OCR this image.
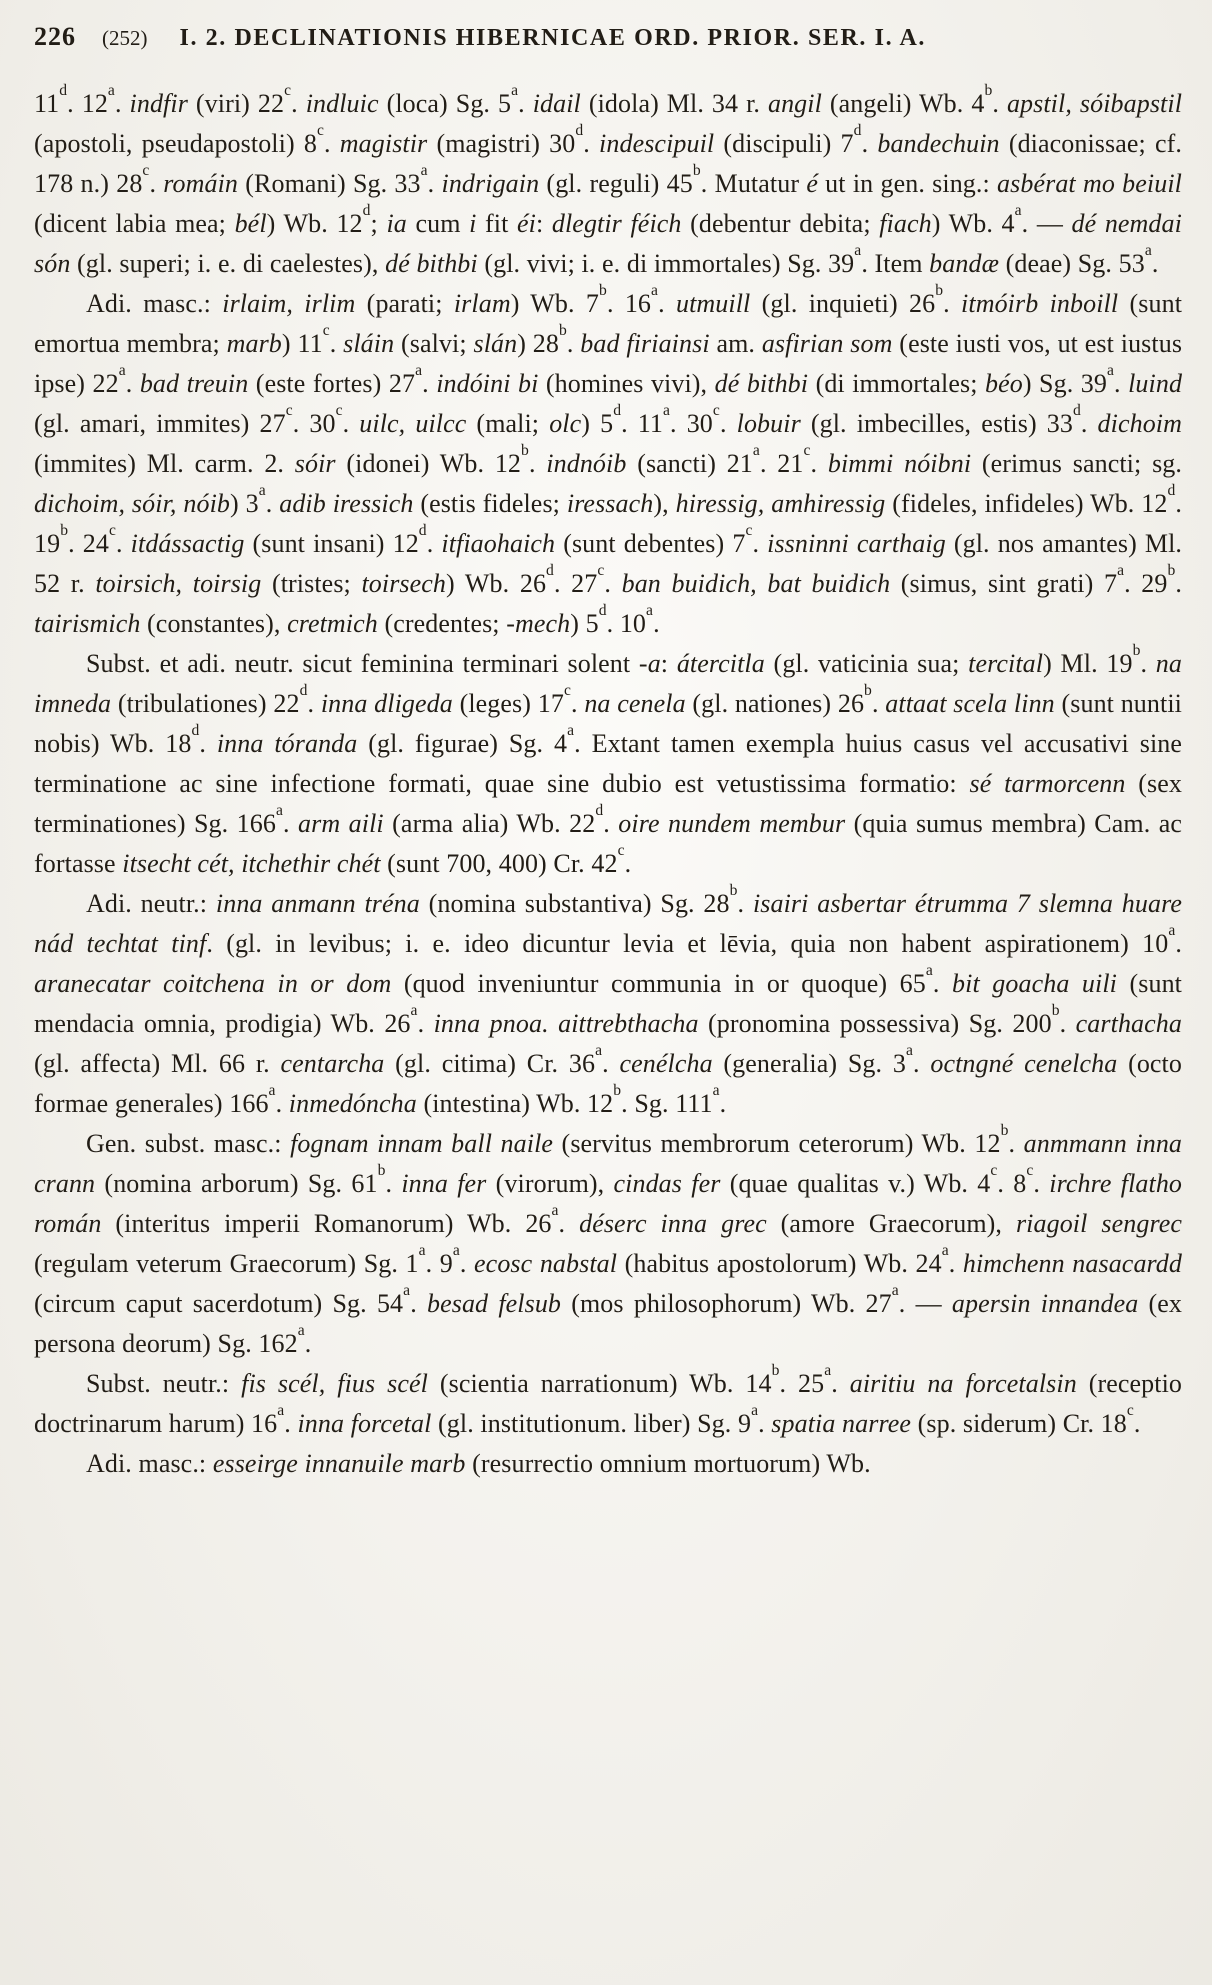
226 (252) I. 2. DECLINATIONIS HIBERNICAE ORD. PRIOR. SER. I. A.

11$^d$. 12$^a$. indfir (viri) 22$^c$. indluic (loca) Sg. 5$^a$. idail (idola) Ml. 34 r. angil (angeli) Wb. 4$^b$. apstil, sóibapstil (apostoli, pseudapostoli) 8$^c$. magistir (magistri) 30$^d$. indescipuil (discipuli) 7$^d$. bandechuin (diaconissae; cf. 178 n.) 28$^c$. romáin (Romani) Sg. 33$^a$. indrigain (gl. reguli) 45$^b$. Mutatur é ut in gen. sing.: asbérat mo beiuil (dicent labia mea; bél) Wb. 12$^d$; ia cum i fit éi: dlegtir féich (debentur debita; fiach) Wb. 4$^a$. — dé nemdai són (gl. superi; i. e. di caelestes), dé bithbi (gl. vivi; i. e. di immortales) Sg. 39$^a$. Item bandæ (deae) Sg. 53$^a$.

Adi. masc.: irlaim, irlim (parati; irlam) Wb. 7$^b$. 16$^a$. utmuill (gl. inquieti) 26$^b$. itmóirb inboill (sunt emortua membra; marb) 11$^c$. sláin (salvi; slán) 28$^b$. bad firiainsi am. asfirian som (este iusti vos, ut est iustus ipse) 22$^a$. bad treuin (este fortes) 27$^a$. indóini bi (homines vivi), dé bithbi (di immortales; béo) Sg. 39$^a$. luind (gl. amari, immites) 27$^c$. 30$^c$. uilc, uilcc (mali; olc) 5$^d$. 11$^a$. 30$^c$. lobuir (gl. imbecilles, estis) 33$^d$. dichoim (immites) Ml. carm. 2. sóir (idonei) Wb. 12$^b$. indnóib (sancti) 21$^a$. 21$^c$. bimmi nóibni (erimus sancti; sg. dichoim, sóir, nóib) 3$^a$. adib iressich (estis fideles; iressach), hiressig, amhiressig (fideles, infideles) Wb. 12$^d$. 19$^b$. 24$^c$. itdássactig (sunt insani) 12$^d$. itfiaohaich (sunt debentes) 7$^c$. issninni carthaig (gl. nos amantes) Ml. 52 r. toirsich, toirsig (tristes; toirsech) Wb. 26$^d$. 27$^c$. ban buidich, bat buidich (simus, sint grati) 7$^a$. 29$^b$. tairismich (constantes), cretmich (credentes; -mech) 5$^d$. 10$^a$.

Subst. et adi. neutr. sicut feminina terminari solent -a: átercitla (gl. vaticinia sua; tercital) Ml. 19$^b$. na imneda (tribulationes) 22$^d$. inna dligeda (leges) 17$^c$. na cenela (gl. nationes) 26$^b$. attaat scela linn (sunt nuntii nobis) Wb. 18$^d$. inna tóranda (gl. figurae) Sg. 4$^a$. Extant tamen exempla huius casus vel accusativi sine terminatione ac sine infectione formati, quae sine dubio est vetustissima formatio: sé tarmorcenn (sex terminationes) Sg. 166$^a$. arm aili (arma alia) Wb. 22$^d$. oire nundem membur (quia sumus membra) Cam. ac fortasse itsecht cét, itchethir chét (sunt 700, 400) Cr. 42$^c$.

Adi. neutr.: inna anmann tréna (nomina substantiva) Sg. 28$^b$. isairi asbertar étrumma 7 slemna huare nád techtat tinf. (gl. in levibus; i. e. ideo dicuntur levia et lēvia, quia non habent aspirationem) 10$^a$. aranecatar coitchena in or dom (quod inveniuntur communia in or quoque) 65$^a$. bit goacha uili (sunt mendacia omnia, prodigia) Wb. 26$^a$. inna pnoa. aittrebthacha (pronomina possessiva) Sg. 200$^b$. carthacha (gl. affecta) Ml. 66 r. centarcha (gl. citima) Cr. 36$^a$. cenélcha (generalia) Sg. 3$^a$. octngné cenelcha (octo formae generales) 166$^a$. inmedóncha (intestina) Wb. 12$^b$. Sg. 111$^a$.

Gen. subst. masc.: fognam innam ball naile (servitus membrorum ceterorum) Wb. 12$^b$. anmmann inna crann (nomina arborum) Sg. 61$^b$. inna fer (virorum), cindas fer (quae qualitas v.) Wb. 4$^c$. 8$^c$. irchre flatho román (interitus imperii Romanorum) Wb. 26$^a$. déserc inna grec (amore Graecorum), riagoil sengrec (regulam veterum Graecorum) Sg. 1$^a$. 9$^a$. ecosc nabstal (habitus apostolorum) Wb. 24$^a$. himchenn nasacardd (circum caput sacerdotum) Sg. 54$^a$. besad felsub (mos philosophorum) Wb. 27$^a$. — apersin innandea (ex persona deorum) Sg. 162$^a$.

Subst. neutr.: fis scél, fius scél (scientia narrationum) Wb. 14$^b$. 25$^a$. airitiu na forcetalsin (receptio doctrinarum harum) 16$^a$. inna forcetal (gl. institutionum. liber) Sg. 9$^a$. spatia narree (sp. siderum) Cr. 18$^c$.

Adi. masc.: esseirge innanuile marb (resurrectio omnium mortuorum) Wb.
